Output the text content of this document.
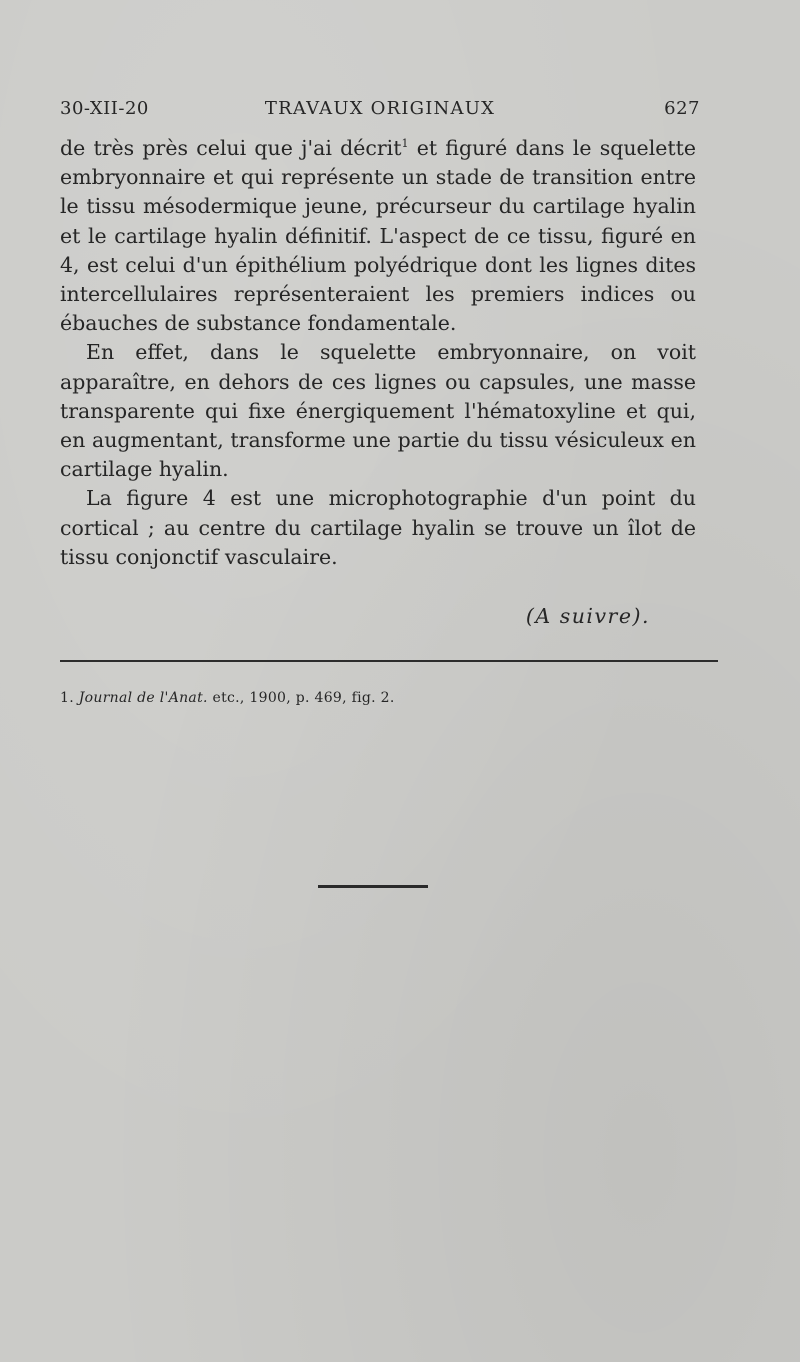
30-XII-20	TRAVAUX ORIGINAUX	627

de très près celui que j'ai décrit$^1$ et figuré dans le squelette embryonnaire et qui représente un stade de transition entre le tissu mésodermique jeune, précurseur du cartilage hyalin et le cartilage hyalin définitif. L'aspect de ce tissu, figuré en 4, est celui d'un épithélium polyédrique dont les lignes dites intercellulaires représenteraient les premiers indices ou ébauches de substance fondamentale.

En effet, dans le squelette embryonnaire, on voit apparaître, en dehors de ces lignes ou capsules, une masse transparente qui fixe énergiquement l'hématoxyline et qui, en augmentant, transforme une partie du tissu vésiculeux en cartilage hyalin.

La figure 4 est une microphotographie d'un point du cortical ; au centre du cartilage hyalin se trouve un îlot de tissu conjonctif vasculaire.

(A suivre).
1. Journal de l'Anat. etc., 1900, p. 469, fig. 2.
